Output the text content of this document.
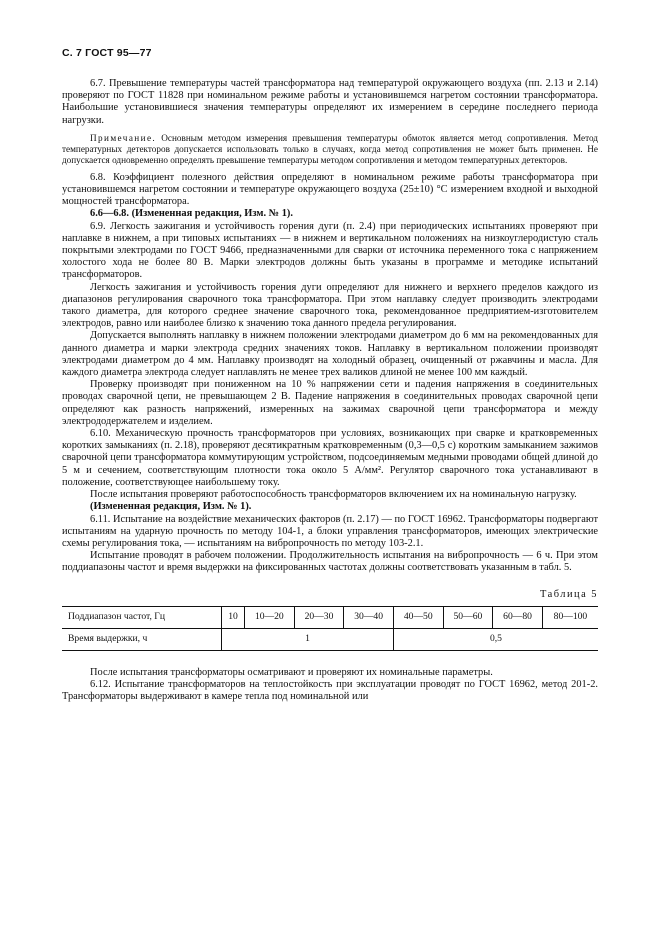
С. 7 ГОСТ 95—77

6.7. Превышение температуры частей трансформатора над температурой окружающего воздуха (пп. 2.13 и 2.14) проверяют по ГОСТ 11828 при номинальном режиме работы и установившемся нагретом состоянии трансформатора. Наибольшие установившиеся значения температуры определяют их измерением в середине последнего периода нагрузки.

Примечание. Основным методом измерения превышения температуры обмоток является метод сопротивления. Метод температурных детекторов допускается использовать только в случаях, когда метод сопротивления не может быть применен. Не допускается одновременно определять превышение температуры методом сопротивления и методом температурных детекторов.

6.8. Коэффициент полезного действия определяют в номинальном режиме работы трансформатора при установившемся нагретом состоянии и температуре окружающего воздуха (25±10) °С измерением входной и выходной мощностей трансформатора.

6.6—6.8. (Измененная редакция, Изм. № 1).

6.9. Легкость зажигания и устойчивость горения дуги (п. 2.4) при периодических испытаниях проверяют при наплавке в нижнем, а при типовых испытаниях — в нижнем и вертикальном положениях на низкоуглеродистую сталь покрытыми электродами по ГОСТ 9466, предназначенными для сварки от источника переменного тока с напряжением холостого хода не более 80 В. Марки электродов должны быть указаны в программе и методике испытаний трансформаторов.

Легкость зажигания и устойчивость горения дуги определяют для нижнего и верхнего пределов каждого из диапазонов регулирования сварочного тока трансформатора. При этом наплавку следует производить электродами такого диаметра, для которого среднее значение сварочного тока, рекомендованное предприятием-изготовителем электродов, равно или наиболее близко к значению тока данного предела регулирования.

Допускается выполнять наплавку в нижнем положении электродами диаметром до 6 мм на рекомендованных для данного диаметра и марки электрода средних значениях токов. Наплавку в вертикальном положении производят электродами диаметром до 4 мм. Наплавку производят на холодный образец, очищенный от ржавчины и масла. Для каждого диаметра электрода следует наплавлять не менее трех валиков длиной не менее 100 мм каждый.

Проверку производят при пониженном на 10 % напряжении сети и падения напряжения в соединительных проводах сварочной цепи, не превышающем 2 В. Падение напряжения в соединительных проводах сварочной цепи определяют как разность напряжений, измеренных на зажимах сварочной цепи трансформатора и между электрододержателем и изделием.

6.10. Механическую прочность трансформаторов при условиях, возникающих при сварке и кратковременных коротких замыканиях (п. 2.18), проверяют десятикратным кратковременным (0,3—0,5 с) коротким замыканием зажимов сварочной цепи трансформатора коммутирующим устройством, подсоединяемым медными проводами общей длиной до 5 м и сечением, соответствующим плотности тока около 5 А/мм². Регулятор сварочного тока устанавливают в положение, соответствующее наибольшему току.

После испытания проверяют работоспособность трансформаторов включением их на номинальную нагрузку.

(Измененная редакция, Изм. № 1).

6.11. Испытание на воздействие механических факторов (п. 2.17) — по ГОСТ 16962. Трансформаторы подвергают испытаниям на ударную прочность по методу 104-1, а блоки управления трансформаторов, имеющих электрические схемы регулирования тока, — испытаниям на вибропрочность по методу 103-2.1.

Испытание проводят в рабочем положении. Продолжительность испытания на вибропрочность — 6 ч. При этом поддиапазоны частот и время выдержки на фиксированных частотах должны соответствовать указанным в табл. 5.

Таблица 5
Поддиапазон частот, Гц	10	10—20	20—30	30—40	40—50	50—60	60—80	80—100
Время выдержки, ч	1				0,5			

После испытания трансформаторы осматривают и проверяют их номинальные параметры.

6.12. Испытание трансформаторов на теплостойкость при эксплуатации проводят по ГОСТ 16962, метод 201-2. Трансформаторы выдерживают в камере тепла под номинальной или
